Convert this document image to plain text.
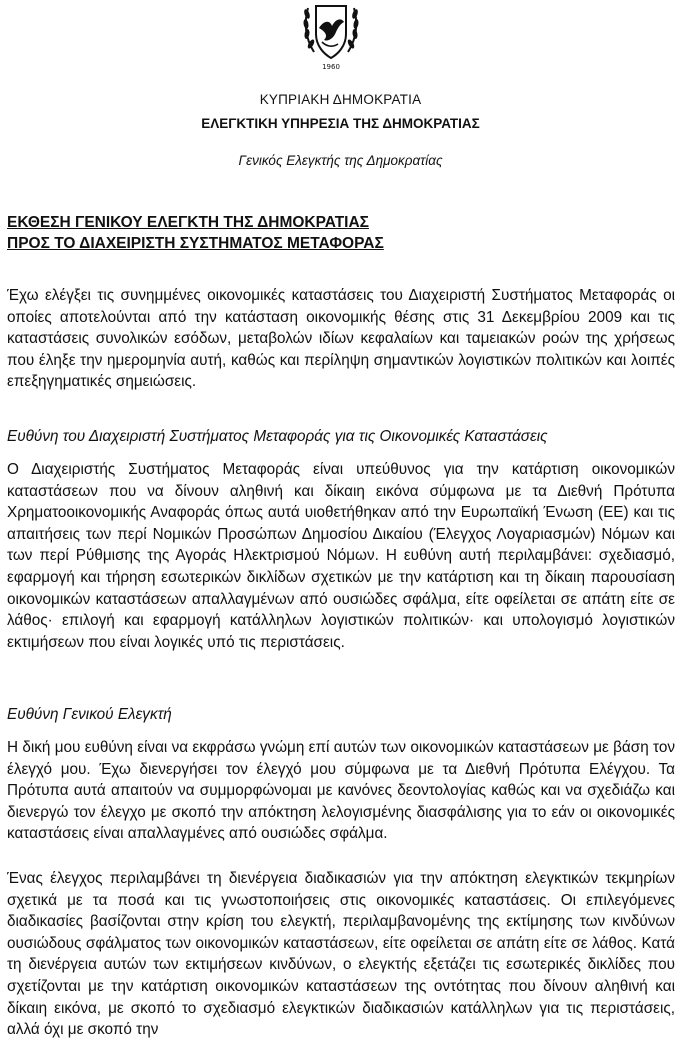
1960
ΚΥΠΡΙΑΚΗ ΔΗΜΟΚΡΑΤΙΑ
ΕΛΕΓΚΤΙΚΗ ΥΠΗΡΕΣΙΑ ΤΗΣ ΔΗΜΟΚΡΑΤΙΑΣ
Γενικός Ελεγκτής της Δημοκρατίας
ΕΚΘΕΣΗ ΓΕΝΙΚΟΥ ΕΛΕΓΚΤΗ ΤΗΣ ΔΗΜΟΚΡΑΤΙΑΣ
ΠΡΟΣ ΤΟ ΔΙΑΧΕΙΡΙΣΤΗ ΣΥΣΤΗΜΑΤΟΣ ΜΕΤΑΦΟΡΑΣ

Έχω ελέγξει τις συνημμένες οικονομικές καταστάσεις του Διαχειριστή Συστήματος Μεταφοράς οι οποίες αποτελούνται από την κατάσταση οικονομικής θέσης στις 31 Δεκεμβρίου 2009 και τις καταστάσεις συνολικών εσόδων, μεταβολών ιδίων κεφαλαίων και ταμειακών ροών της χρήσεως που έληξε την ημερομηνία αυτή, καθώς και περίληψη σημαντικών λογιστικών πολιτικών και λοιπές επεξηγηματικές σημειώσεις.

Ευθύνη του Διαχειριστή Συστήματος Μεταφοράς για τις Οικονομικές Καταστάσεις

Ο Διαχειριστής Συστήματος Μεταφοράς είναι υπεύθυνος για την κατάρτιση οικονομικών καταστάσεων που να δίνουν αληθινή και δίκαιη εικόνα σύμφωνα με τα Διεθνή Πρότυπα Χρηματοοικονομικής Αναφοράς όπως αυτά υιοθετήθηκαν από την Ευρωπαϊκή Ένωση (ΕΕ) και τις απαιτήσεις των περί Νομικών Προσώπων Δημοσίου Δικαίου (Έλεγχος Λογαριασμών) Νόμων και των περί Ρύθμισης της Αγοράς Ηλεκτρισμού Νόμων. Η ευθύνη αυτή περιλαμβάνει: σχεδιασμό, εφαρμογή και τήρηση εσωτερικών δικλίδων σχετικών με την κατάρτιση και τη δίκαιη παρουσίαση οικονομικών καταστάσεων απαλλαγμένων από ουσιώδες σφάλμα, είτε οφείλεται σε απάτη είτε σε λάθος· επιλογή και εφαρμογή κατάλληλων λογιστικών πολιτικών· και υπολογισμό λογιστικών εκτιμήσεων που είναι λογικές υπό τις περιστάσεις.

Ευθύνη Γενικού Ελεγκτή

Η δική μου ευθύνη είναι να εκφράσω γνώμη επί αυτών των οικονομικών καταστάσεων με βάση τον έλεγχό μου. Έχω διενεργήσει τον έλεγχό μου σύμφωνα με τα Διεθνή Πρότυπα Ελέγχου. Τα Πρότυπα αυτά απαιτούν να συμμορφώνομαι με κανόνες δεοντολογίας καθώς και να σχεδιάζω και διενεργώ τον έλεγχο με σκοπό την απόκτηση λελογισμένης διασφάλισης για το εάν οι οικονομικές καταστάσεις είναι απαλλαγμένες από ουσιώδες σφάλμα.

Ένας έλεγχος περιλαμβάνει τη διενέργεια διαδικασιών για την απόκτηση ελεγκτικών τεκμηρίων σχετικά με τα ποσά και τις γνωστοποιήσεις στις οικονομικές καταστάσεις. Οι επιλεγόμενες διαδικασίες βασίζονται στην κρίση του ελεγκτή, περιλαμβανομένης της εκτίμησης των κινδύνων ουσιώδους σφάλματος των οικονομικών καταστάσεων, είτε οφείλεται σε απάτη είτε σε λάθος. Κατά τη διενέργεια αυτών των εκτιμήσεων κινδύνων, ο ελεγκτής εξετάζει τις εσωτερικές δικλίδες που σχετίζονται με την κατάρτιση οικονομικών καταστάσεων της οντότητας που δίνουν αληθινή και δίκαιη εικόνα, με σκοπό το σχεδιασμό ελεγκτικών διαδικασιών κατάλληλων για τις περιστάσεις, αλλά όχι με σκοπό την
